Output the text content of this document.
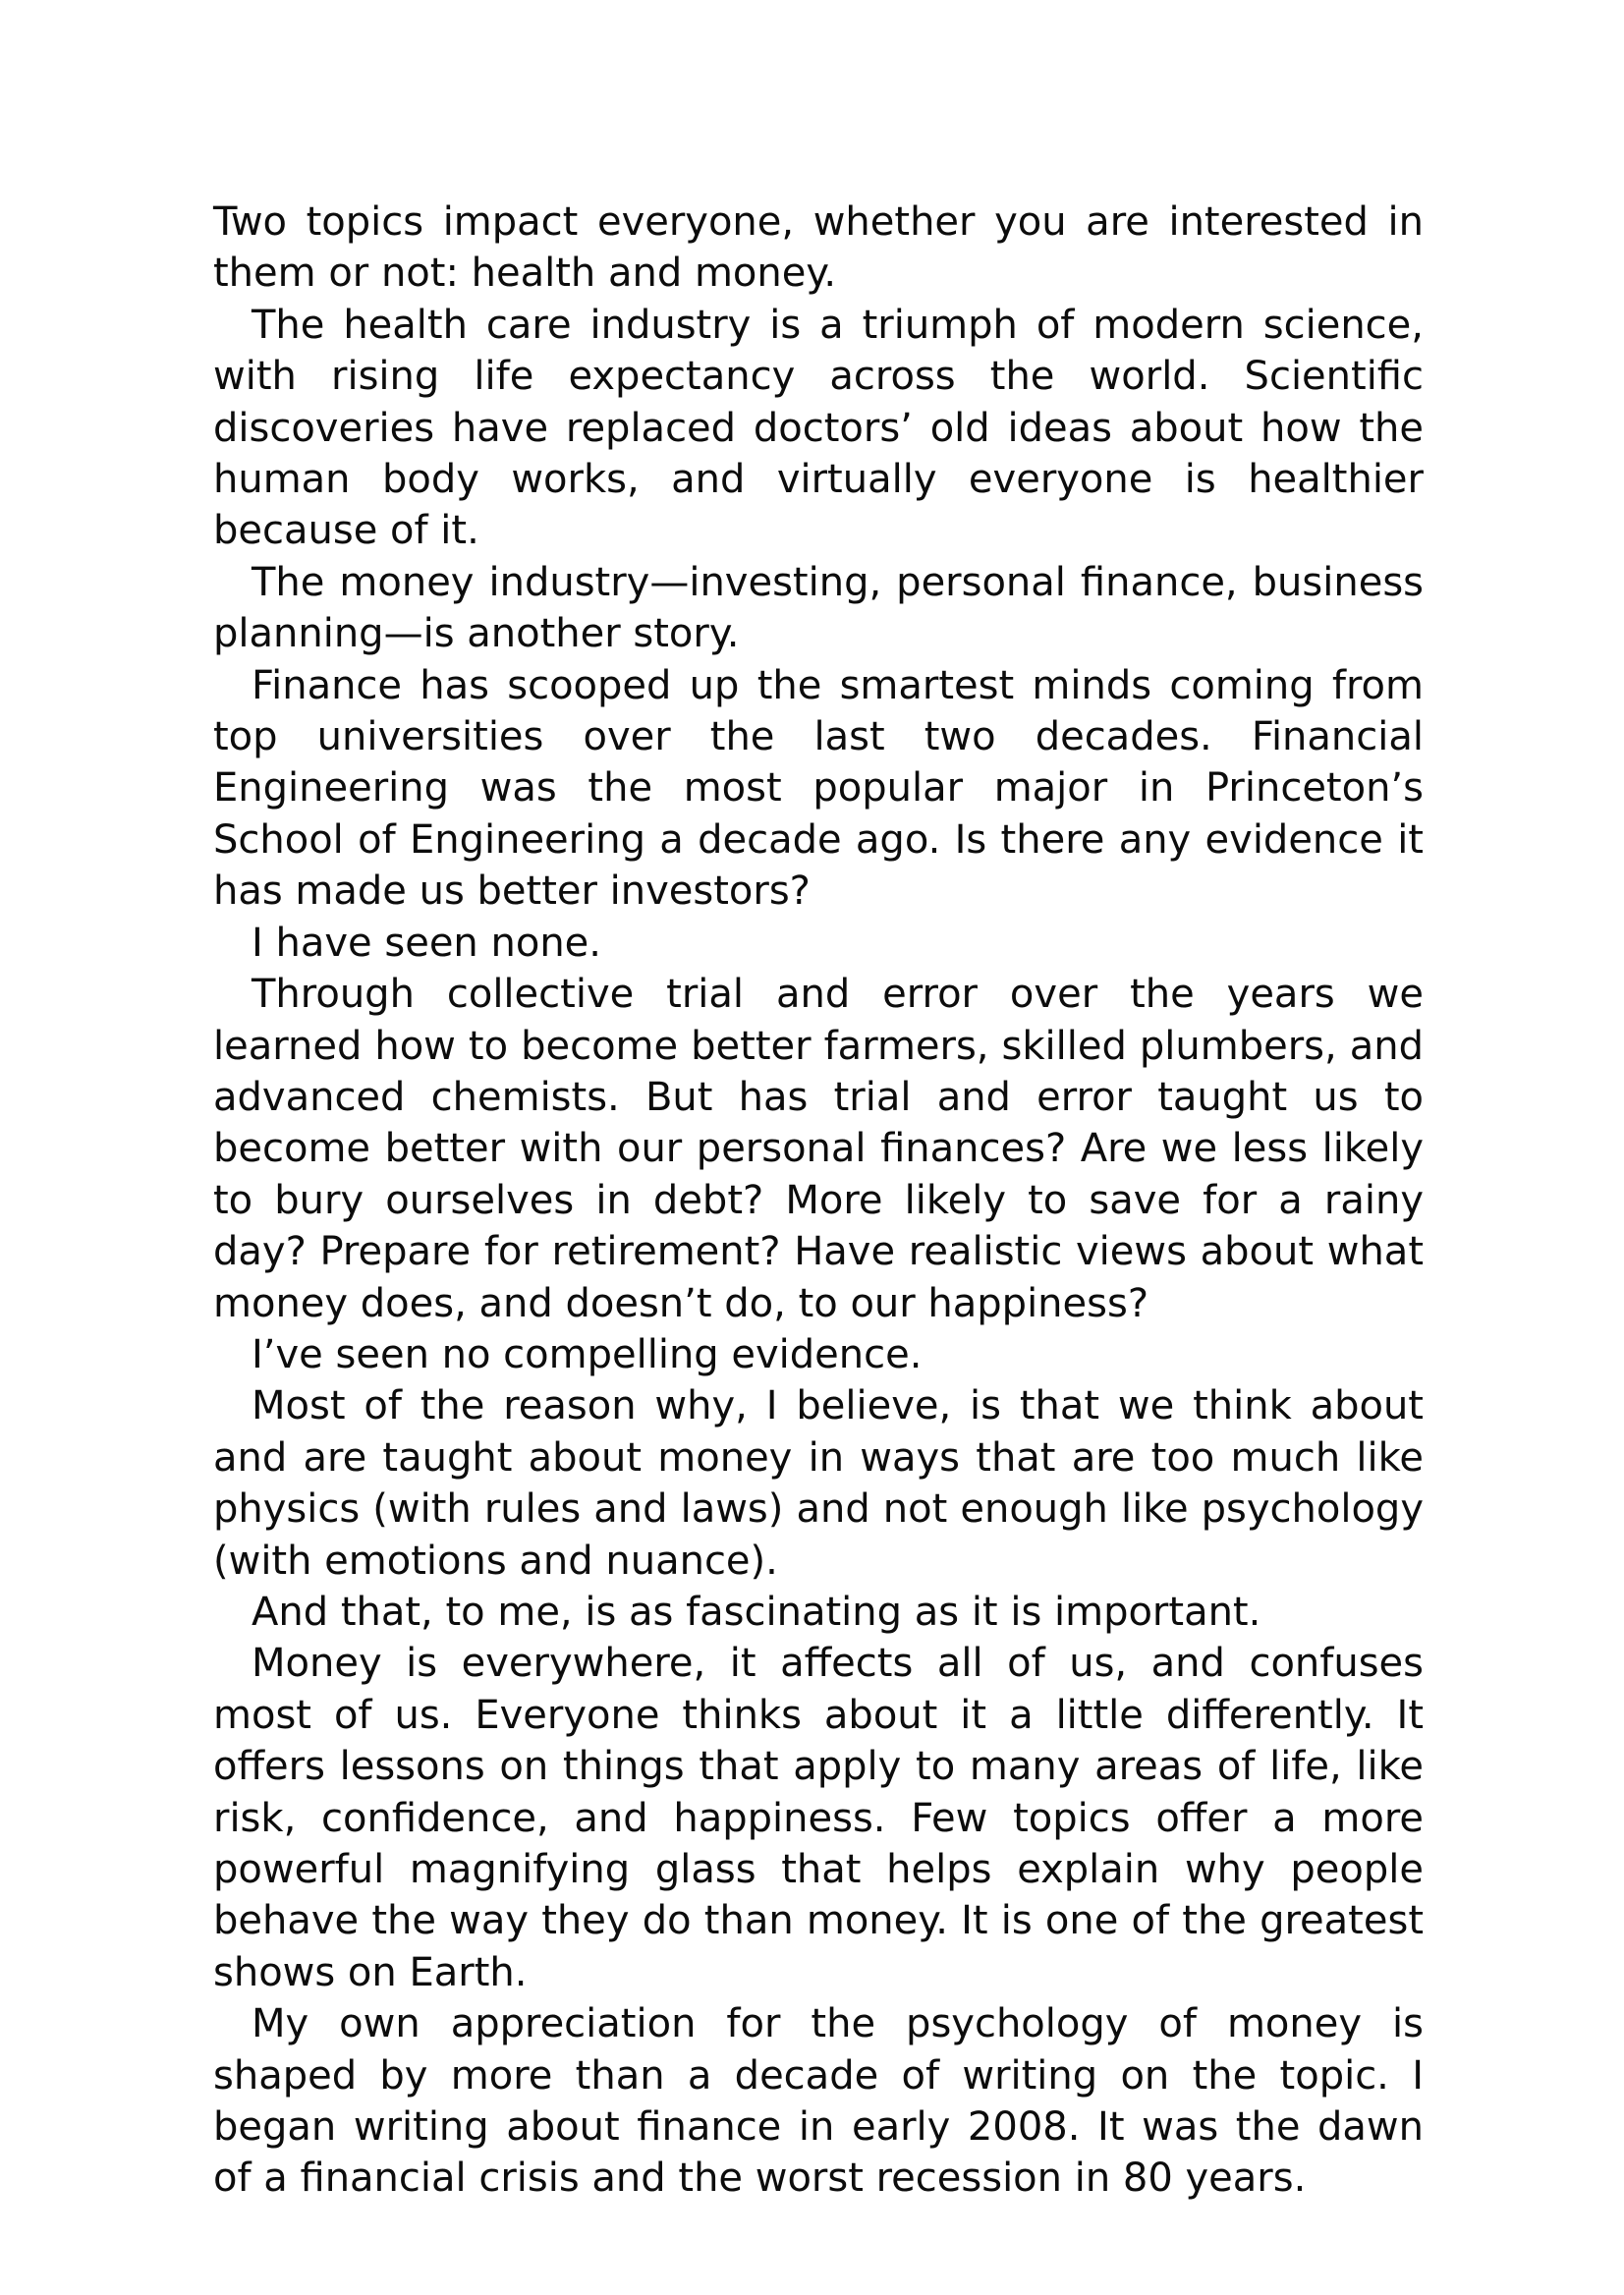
Two topics impact everyone, whether you are interested in them or not: health and money.

The health care industry is a triumph of modern science, with rising life expectancy across the world. Scientific discoveries have replaced doctors’ old ideas about how the human body works, and virtually everyone is healthier because of it.

The money industry—investing, personal finance, business planning—is another story.

Finance has scooped up the smartest minds coming from top universities over the last two decades. Financial Engineering was the most popular major in Princeton’s School of Engineering a decade ago. Is there any evidence it has made us better investors?

I have seen none.

Through collective trial and error over the years we learned how to become better farmers, skilled plumbers, and advanced chemists. But has trial and error taught us to become better with our personal finances? Are we less likely to bury ourselves in debt? More likely to save for a rainy day? Prepare for retirement? Have realistic views about what money does, and doesn’t do, to our happiness?

I’ve seen no compelling evidence.

Most of the reason why, I believe, is that we think about and are taught about money in ways that are too much like physics (with rules and laws) and not enough like psychology (with emotions and nuance).

And that, to me, is as fascinating as it is important.

Money is everywhere, it affects all of us, and confuses most of us. Everyone thinks about it a little differently. It offers lessons on things that apply to many areas of life, like risk, confidence, and happiness. Few topics offer a more powerful magnifying glass that helps explain why people behave the way they do than money. It is one of the greatest shows on Earth.

My own appreciation for the psychology of money is shaped by more than a decade of writing on the topic. I began writing about finance in early 2008. It was the dawn of a financial crisis and the worst recession in 80 years.
